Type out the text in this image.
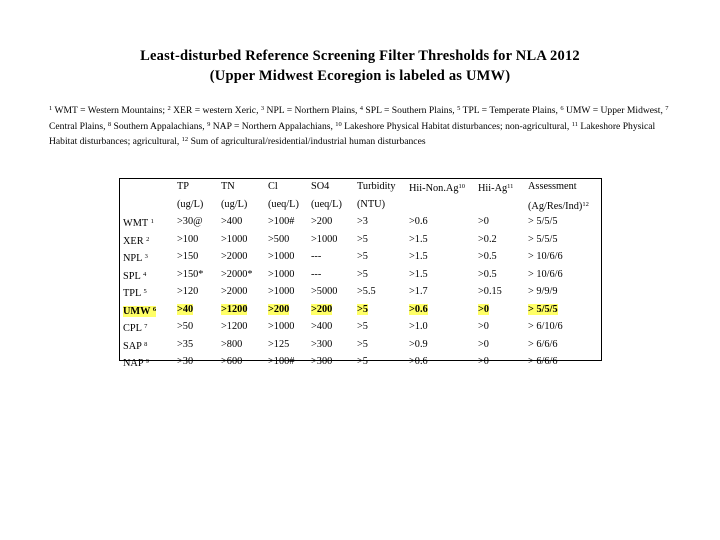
Least-disturbed Reference Screening Filter Thresholds for NLA 2012
(Upper Midwest Ecoregion is labeled as UMW)
$^1$ WMT = Western Mountains; $^2$ XER = western Xeric, $^3$ NPL = Northern Plains, $^4$ SPL = Southern Plains, $^5$ TPL = Temperate Plains, $^6$ UMW = Upper Midwest, $^7$ Central Plains, $^8$ Southern Appalachians, $^9$ NAP = Northern Appalachians, $^{10}$ Lakeshore Physical Habitat disturbances; non-agricultural, $^{11}$ Lakeshore Physical Habitat disturbances; agricultural, $^{12}$ Sum of agricultural/residential/industrial human disturbances
	TP	TN	Cl	SO4	Turbidity	Hii-Non.Ag$^{10}$	Hii-Ag$^{11}$	Assessment
	(ug/L)	(ug/L)	(ueq/L)	(ueq/L)	(NTU)			$(Ag/Res/Ind)^{12}$
WMT $^1$	>30@	>400	>100#	>200	>3	>0.6	>0	> 5/5/5
XER $^2$	>100	>1000	>500	>1000	>5	>1.5	>0.2	> 5/5/5
NPL $^3$	>150	>2000	>1000	---	>5	>1.5	>0.5	> 10/6/6
SPL $^4$	>150*	>2000*	>1000	---	>5	>1.5	>0.5	> 10/6/6
TPL $^5$	>120	>2000	>1000	>5000	>5.5	>1.7	>0.15	> 9/9/9
UMW $^6$	>40	>1200	>200	>200	>5	>0.6	>0	> 5/5/5
CPL $^7$	>50	>1200	>1000	>400	>5	>1.0	>0	> 6/10/6
SAP $^8$	>35	>800	>125	>300	>5	>0.9	>0	> 6/6/6
NAP $^9$	>30	>600	>100#	>300	>5	>0.6	>0	> 6/6/6
